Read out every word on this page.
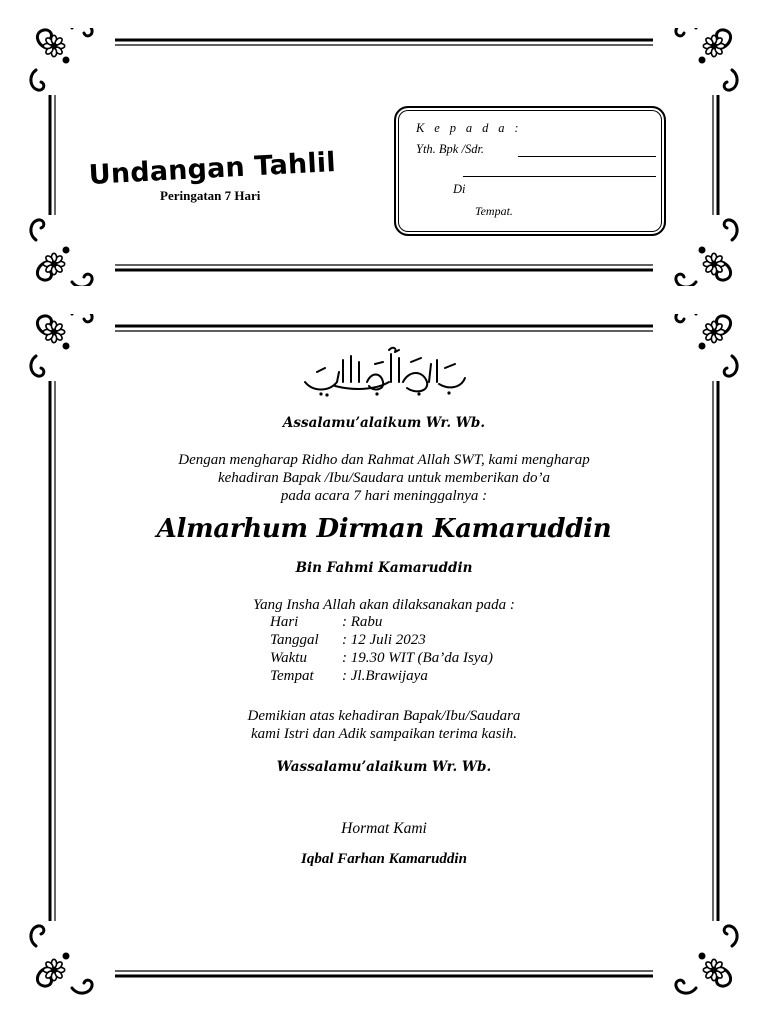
Undangan Tahlil
Peringatan 7 Hari
K e p a d a :
Yth. Bpk /Sdr.
Di
Tempat.
Assalamu’alaikum Wr. Wb.
Dengan mengharap Ridho dan Rahmat Allah SWT, kami mengharap
kehadiran Bapak /Ibu/Saudara untuk memberikan do’a
pada acara 7 hari meninggalnya :
Almarhum Dirman Kamaruddin
Bin Fahmi Kamaruddin
Yang Insha Allah akan dilaksanakan pada :
Hari	: Rabu
Tanggal : 12 Juli 2023
Waktu : 19.30 WIT (Ba’da Isya)
Tempat : Jl.Brawijaya
Demikian atas kehadiran Bapak/Ibu/Saudara
kami Istri dan Adik sampaikan terima kasih.
Wassalamu’alaikum Wr. Wb.
Hormat Kami
Iqbal Farhan Kamaruddin
